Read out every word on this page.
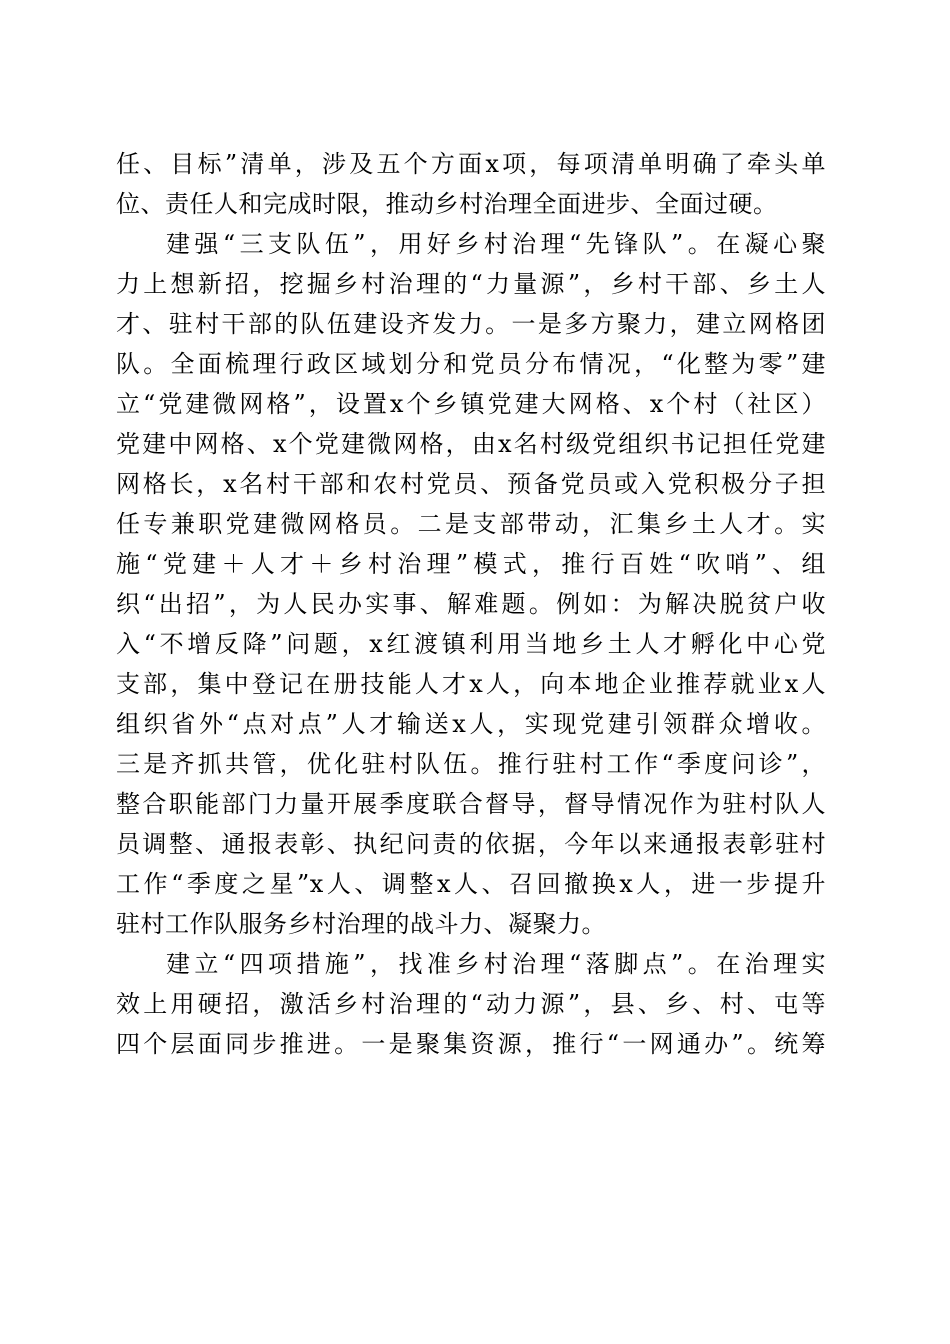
任、目标”清单，涉及五个方面x项，每项清单明确了牵头单
位、责任人和完成时限，推动乡村治理全面进步、全面过硬。
建强“三支队伍”，用好乡村治理“先锋队”。在凝心聚
力上想新招，挖掘乡村治理的“力量源”，乡村干部、乡土人
才、驻村干部的队伍建设齐发力。一是多方聚力，建立网格团
队。全面梳理行政区域划分和党员分布情况，“化整为零”建
立“党建微网格”，设置x个乡镇党建大网格、x个村（社区）
党建中网格、x个党建微网格，由x名村级党组织书记担任党建
网格长，x名村干部和农村党员、预备党员或入党积极分子担
任专兼职党建微网格员。二是支部带动，汇集乡土人才。实
施“党建＋人才＋乡村治理”模式，推行百姓“吹哨”、组
织“出招”，为人民办实事、解难题。例如：为解决脱贫户收
入“不增反降”问题，x红渡镇利用当地乡土人才孵化中心党
支部，集中登记在册技能人才x人，向本地企业推荐就业x人
组织省外“点对点”人才输送x人，实现党建引领群众增收。
三是齐抓共管，优化驻村队伍。推行驻村工作“季度问诊”，
整合职能部门力量开展季度联合督导，督导情况作为驻村队人
员调整、通报表彰、执纪问责的依据，今年以来通报表彰驻村
工作“季度之星”x人、调整x人、召回撤换x人，进一步提升
驻村工作队服务乡村治理的战斗力、凝聚力。
建立“四项措施”，找准乡村治理“落脚点”。在治理实
效上用硬招，激活乡村治理的“动力源”，县、乡、村、屯等
四个层面同步推进。一是聚集资源，推行“一网通办”。统筹
